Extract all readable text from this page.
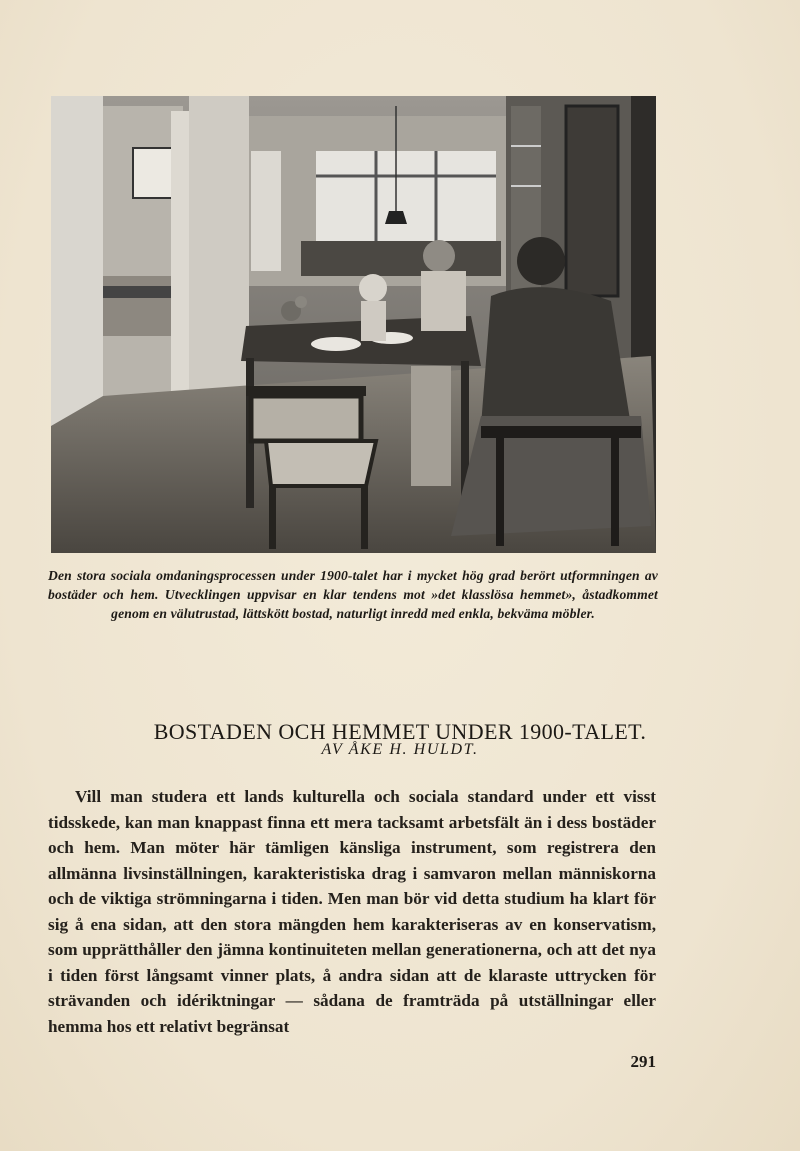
Den stora sociala omdaningsprocessen under 1900-talet har i mycket hög grad berört utformningen av bostäder och hem. Utvecklingen uppvisar en klar tendens mot »det klasslösa hemmet», åstadkommet genom en välutrustad, lättskött bostad, naturligt inredd med enkla, bekväma möbler.
BOSTADEN OCH HEMMET UNDER 1900-TALET.
AV ÅKE H. HULDT.

Vill man studera ett lands kulturella och sociala standard under ett visst tidsskede, kan man knappast finna ett mera tacksamt arbetsfält än i dess bostäder och hem. Man möter här tämligen känsliga instrument, som registrera den allmänna livsinställningen, karakteristiska drag i samvaron mellan människorna och de viktiga strömningarna i tiden. Men man bör vid detta studium ha klart för sig å ena sidan, att den stora mängden hem karakteriseras av en konservatism, som upprätthåller den jämna kontinuiteten mellan generationerna, och att det nya i tiden först långsamt vinner plats, å andra sidan att de klaraste uttrycken för strävanden och idériktningar — sådana de framträda på utställningar eller hemma hos ett relativt begränsat

291
